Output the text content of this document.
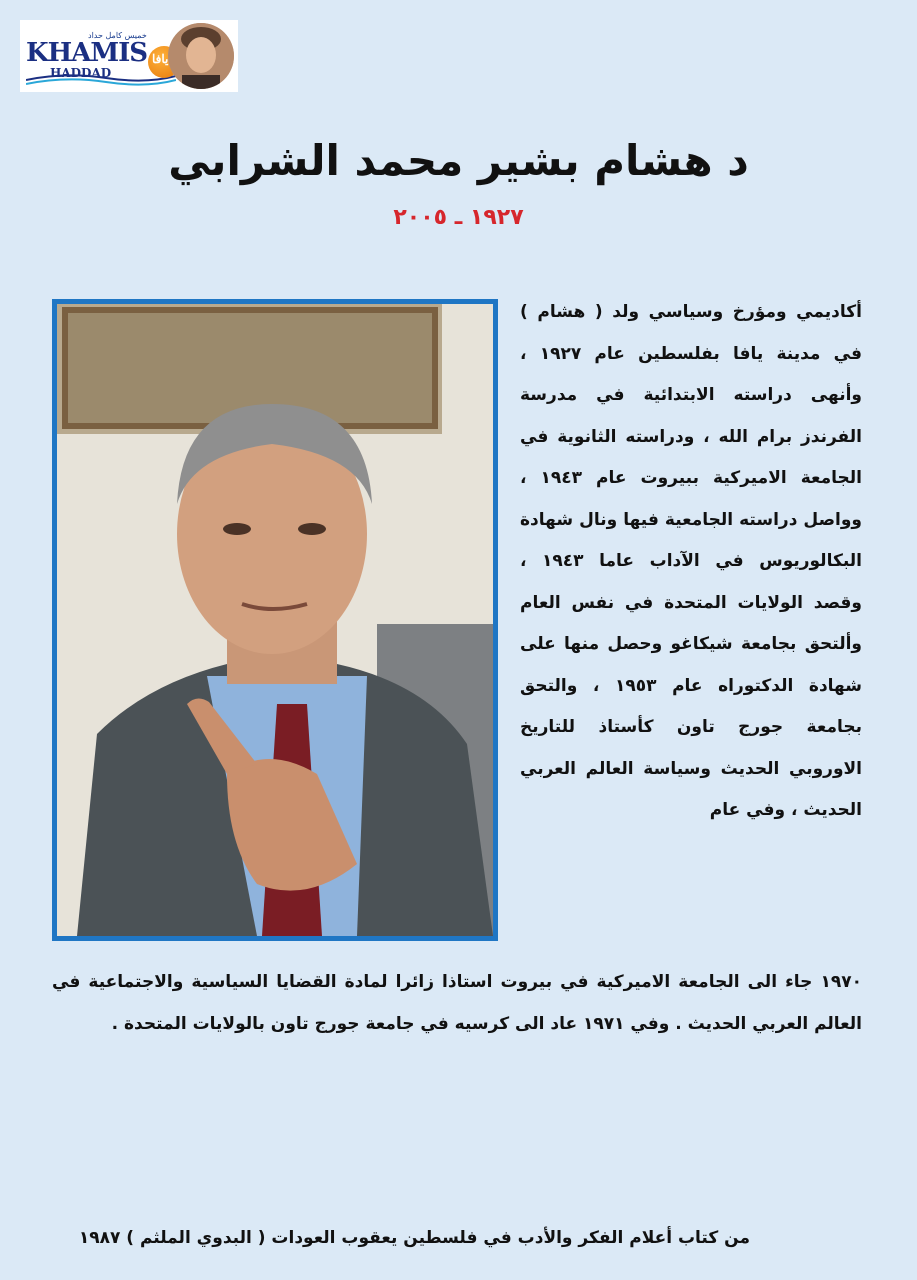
خميس كامل حداد
KHAMIS
HADDAD
يافا
د هشام بشير محمد الشرابي
١٩٢٧ ـ ٢٠٠٥

أكاديمي ومؤرخ وسياسي ولد ( هشام ) في مدينة يافا بفلسطين عام ١٩٢٧ ، وأنهى دراسته الابتدائية في مدرسة الفرندز برام الله ، ودراسته الثانوية في الجامعة الاميركية ببيروت عام ١٩٤٣ ، وواصل دراسته الجامعية فيها ونال شهادة البكالوريوس في الآداب عاما ١٩٤٣ ، وقصد الولايات المتحدة في نفس العام وألتحق بجامعة شيكاغو وحصل منها على شهادة الدكتوراه عام ١٩٥٣ ، والتحق بجامعة جورج تاون كأستاذ للتاريخ الاوروبي الحديث وسياسة العالم العربي الحديث ، وفي عام

١٩٧٠ جاء الى الجامعة الاميركية في بيروت استاذا زائرا لمادة القضايا السياسية والاجتماعية في العالم العربي الحديث . وفي ١٩٧١ عاد الى كرسيه في جامعة جورج تاون بالولايات المتحدة .

من كتاب أعلام الفكر والأدب في فلسطين يعقوب العودات ( البدوي الملثم ) ١٩٨٧
